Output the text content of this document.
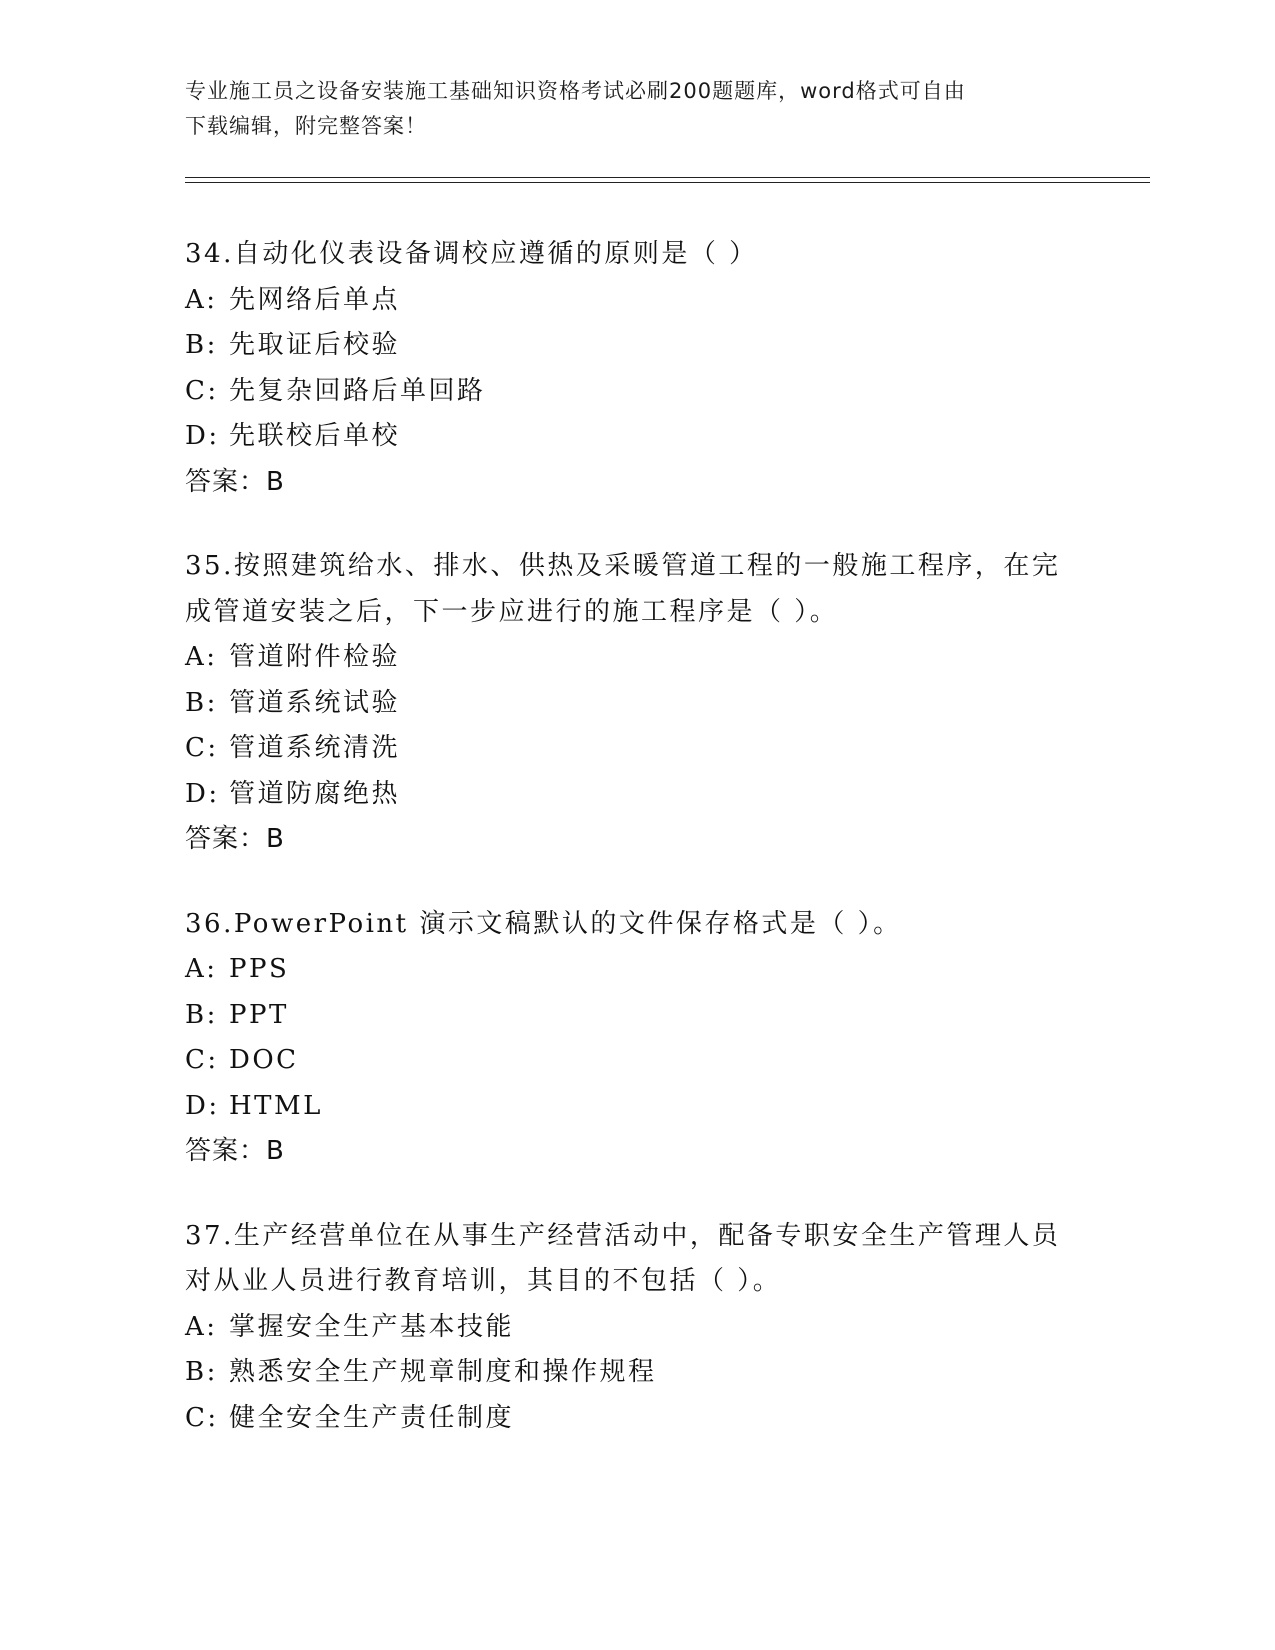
专业施工员之设备安装施工基础知识资格考试必刷200题题库，word格式可自由
下载编辑，附完整答案！

34.自动化仪表设备调校应遵循的原则是（ ）

A: 先网络后单点

B: 先取证后校验

C: 先复杂回路后单回路

D: 先联校后单校

答案：B

35.按照建筑给水、排水、供热及采暖管道工程的一般施工程序，在完

成管道安装之后，下一步应进行的施工程序是（ ）。

A: 管道附件检验

B: 管道系统试验

C: 管道系统清洗

D: 管道防腐绝热

答案：B

36.PowerPoint 演示文稿默认的文件保存格式是（ ）。

A: PPS

B: PPT

C: DOC

D: HTML

答案：B

37.生产经营单位在从事生产经营活动中，配备专职安全生产管理人员

对从业人员进行教育培训，其目的不包括（ ）。

A: 掌握安全生产基本技能

B: 熟悉安全生产规章制度和操作规程

C: 健全安全生产责任制度
